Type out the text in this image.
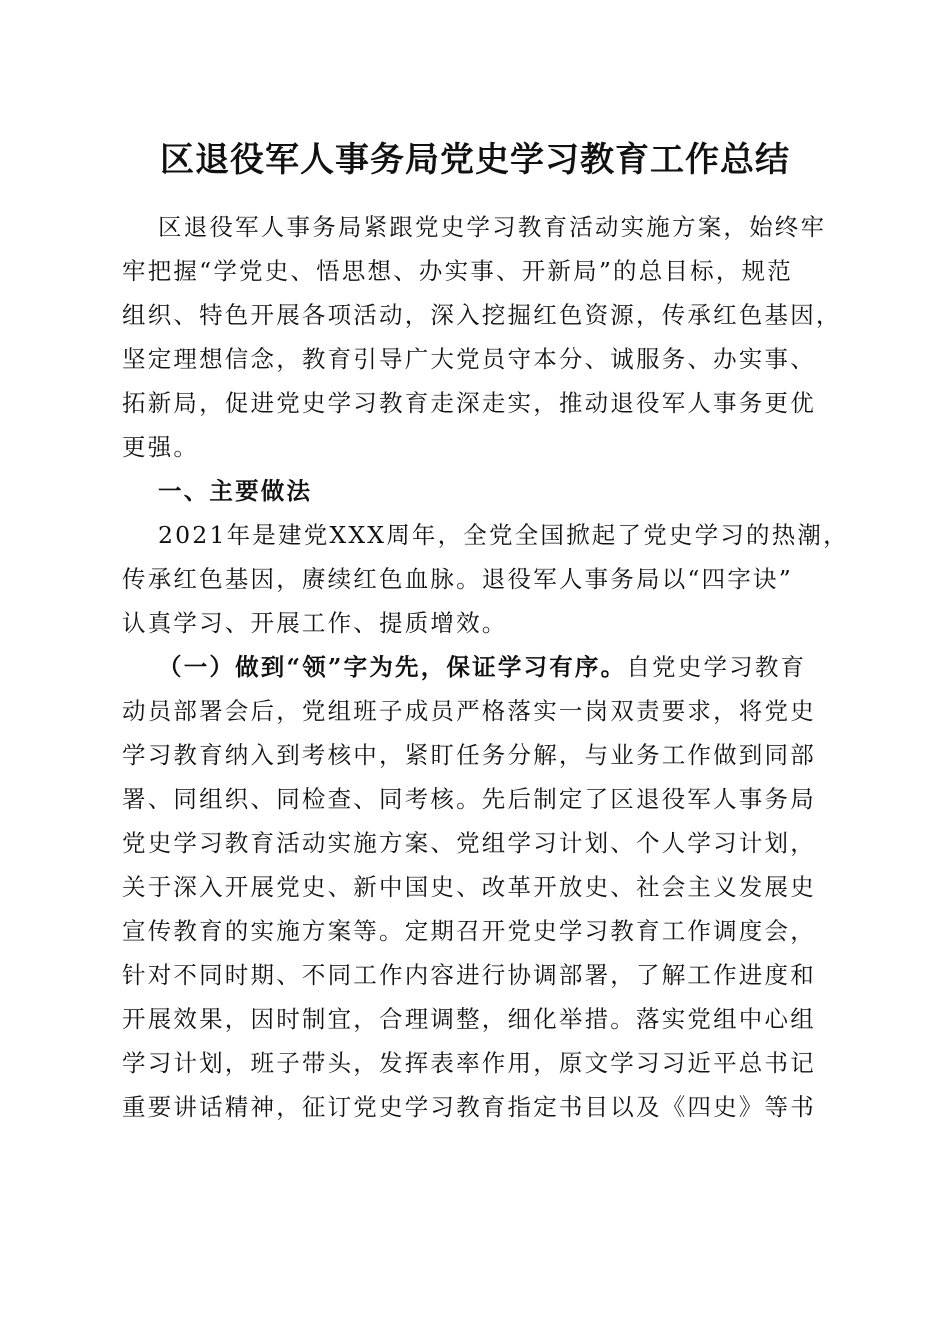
区退役军人事务局党史学习教育工作总结
区退役军人事务局紧跟党史学习教育活动实施方案，始终牢
牢把握“学党史、悟思想、办实事、开新局”的总目标，规范
组织、特色开展各项活动，深入挖掘红色资源，传承红色基因，
坚定理想信念，教育引导广大党员守本分、诚服务、办实事、
拓新局，促进党史学习教育走深走实，推动退役军人事务更优
更强。
一、主要做法
2021年是建党XXX周年，全党全国掀起了党史学习的热潮，
传承红色基因，赓续红色血脉。退役军人事务局以“四字诀”
认真学习、开展工作、提质增效。
（一）做到“领”字为先，保证学习有序。自党史学习教育
动员部署会后，党组班子成员严格落实一岗双责要求，将党史
学习教育纳入到考核中，紧盯任务分解，与业务工作做到同部
署、同组织、同检查、同考核。先后制定了区退役军人事务局
党史学习教育活动实施方案、党组学习计划、个人学习计划，
关于深入开展党史、新中国史、改革开放史、社会主义发展史
宣传教育的实施方案等。定期召开党史学习教育工作调度会，
针对不同时期、不同工作内容进行协调部署，了解工作进度和
开展效果，因时制宜，合理调整，细化举措。落实党组中心组
学习计划，班子带头，发挥表率作用，原文学习习近平总书记
重要讲话精神，征订党史学习教育指定书目以及《四史》等书
